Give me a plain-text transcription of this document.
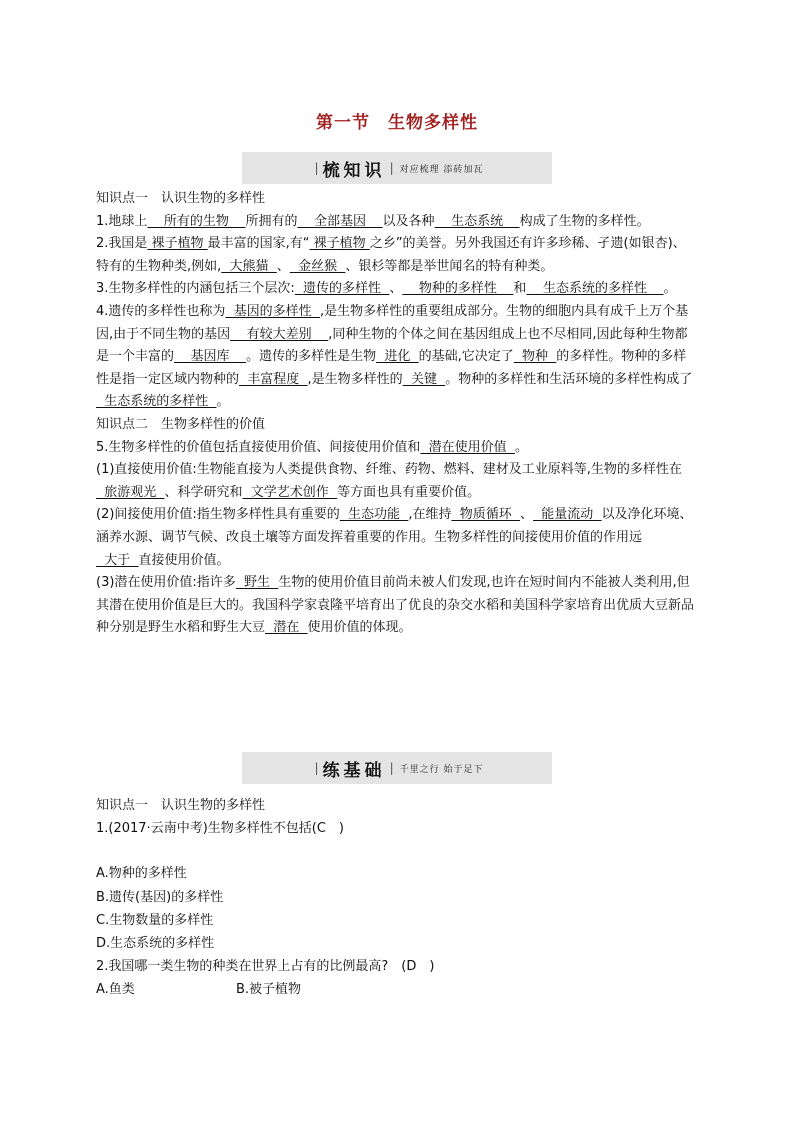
第一节　生物多样性
| 梳知识 | 对应梳理 添砖加瓦

知识点一　认识生物的多样性

1.地球上    所有的生物    所拥有的    全部基因    以及各种    生态系统    构成了生物的多样性。

2.我国是 裸子植物 最丰富的国家,有“ 裸子植物 之乡”的美誉。另外我国还有许多珍稀、孑遗(如银杏)、特有的生物种类,例如,  大熊猫  、  金丝猴  、银杉等都是举世闻名的特有种类。

3.生物多样性的内涵包括三个层次:  遗传的多样性  、    物种的多样性    和    生态系统的多样性    。

4.遗传的多样性也称为  基因的多样性  ,是生物多样性的重要组成部分。生物的细胞内具有成千上万个基因,由于不同生物的基因    有较大差别    ,同种生物的个体之间在基因组成上也不尽相同,因此每种生物都是一个丰富的    基因库    。遗传的多样性是生物  进化  的基础,它决定了  物种  的多样性。物种的多样性是指一定区域内物种的  丰富程度  ,是生物多样性的  关键  。物种的多样性和生活环境的多样性构成了  生态系统的多样性  。

知识点二　生物多样性的价值

5.生物多样性的价值包括直接使用价值、间接使用价值和  潜在使用价值  。

(1)直接使用价值:生物能直接为人类提供食物、纤维、药物、燃料、建材及工业原料等,生物的多样性在  旅游观光  、科学研究和  文学艺术创作  等方面也具有重要价值。

(2)间接使用价值:指生物多样性具有重要的  生态功能  ,在维持  物质循环  、  能量流动  以及净化环境、涵养水源、调节气候、改良土壤等方面发挥着重要的作用。生物多样性的间接使用价值的作用远  大于  直接使用价值。

(3)潜在使用价值:指许多  野生  生物的使用价值目前尚未被人们发现,也许在短时间内不能被人类利用,但其潜在使用价值是巨大的。我国科学家袁隆平培育出了优良的杂交水稻和美国科学家培育出优质大豆新品种分别是野生水稻和野生大豆  潜在  使用价值的体现。

| 练基础 | 千里之行 始于足下

知识点一　认识生物的多样性

1.(2017·云南中考)生物多样性不包括(C　)

A.物种的多样性

B.遗传(基因)的多样性

C.生物数量的多样性

D.生态系统的多样性

2.我国哪一类生物的种类在世界上占有的比例最高?　(D　)

A.鱼类	B.被子植物
